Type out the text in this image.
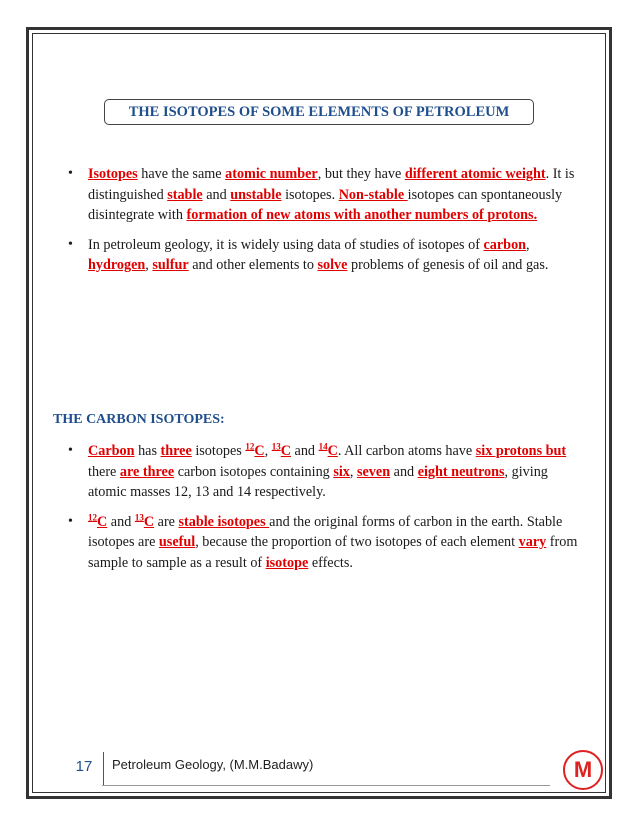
THE ISOTOPES OF SOME ELEMENTS OF PETROLEUM
• Isotopes have the same atomic number, but they have different atomic weight. It is distinguished stable and unstable isotopes. Non-stable isotopes can spontaneously disintegrate with formation of new atoms with another numbers of protons.
• In petroleum geology, it is widely using data of studies of isotopes of carbon, hydrogen, sulfur and other elements to solve problems of genesis of oil and gas.
THE CARBON ISOTOPES:
• Carbon has three isotopes $^{12}$C, $^{13}$C and $^{14}$C. All carbon atoms have six protons but there are three carbon isotopes containing six, seven and eight neutrons, giving atomic masses 12, 13 and 14 respectively.
• $^{12}$C and $^{13}$C are stable isotopes and the original forms of carbon in the earth. Stable isotopes are useful, because the proportion of two isotopes of each element vary from sample to sample as a result of isotope effects.
17	Petroleum Geology, (M.M.Badawy)	M
